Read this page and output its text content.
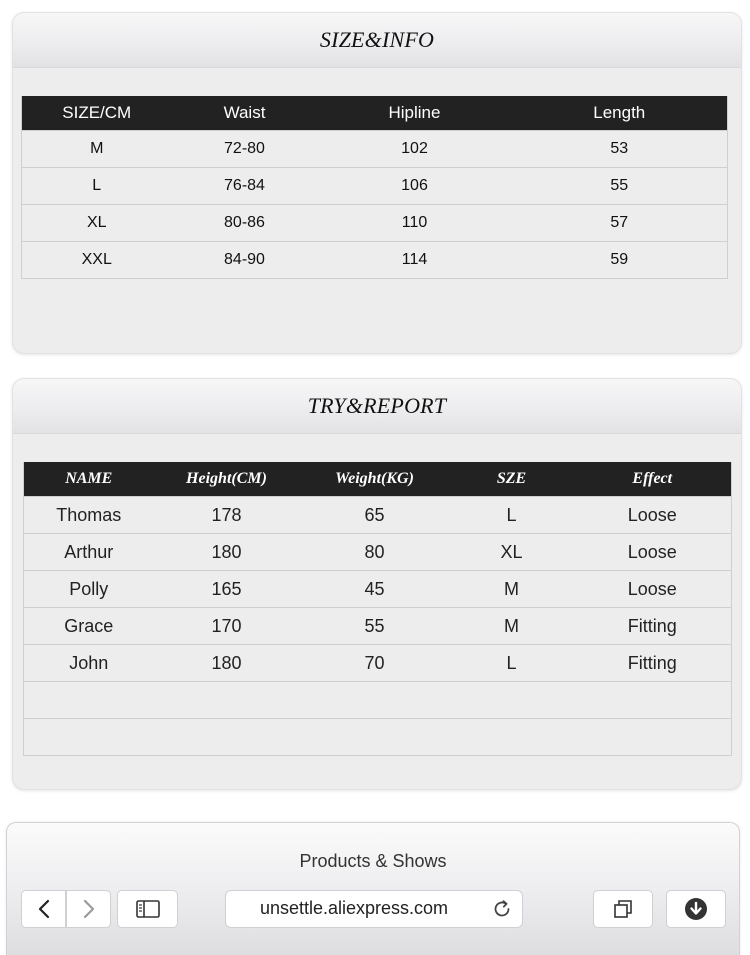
SIZE&INFO
SIZE/CM	Waist	Hipline	Length
M	72-80	102	53
L	76-84	106	55
XL	80-86	110	57
XXL	84-90	114	59
TRY&REPORT
NAME	Height(CM)	Weight(KG)	SZE	Effect
Thomas	178	65	L	Loose
Arthur	180	80	XL	Loose
Polly	165	45	M	Loose
Grace	170	55	M	Fitting
John	180	70	L	Fitting

Products & Shows
unsettle.aliexpress.com
